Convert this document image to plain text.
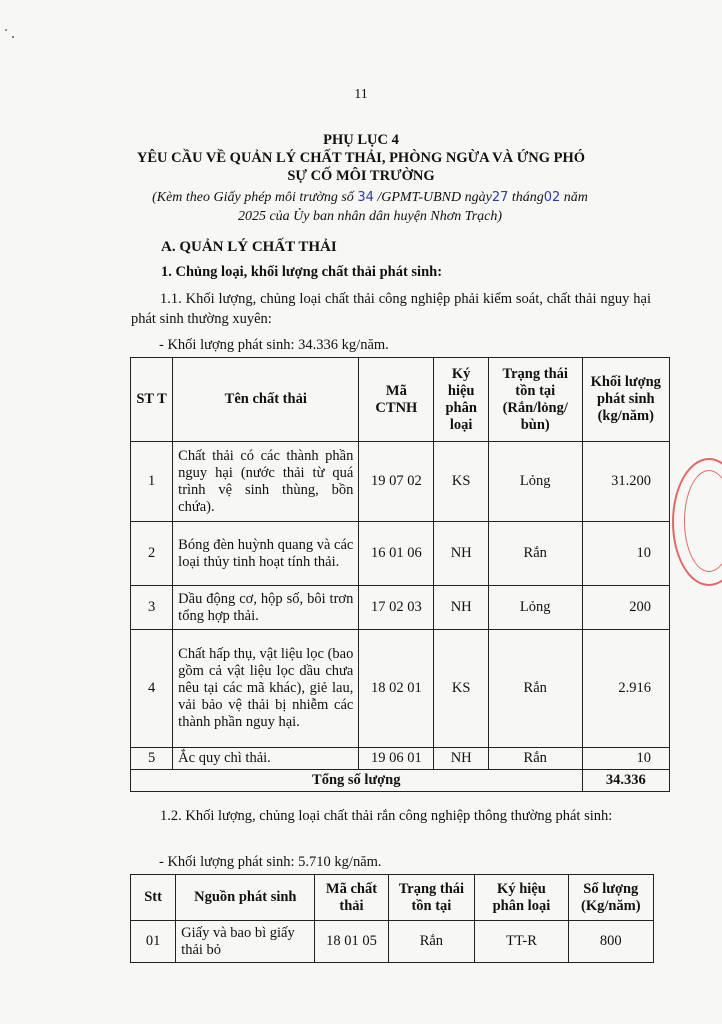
11
PHỤ LỤC 4
YÊU CẦU VỀ QUẢN LÝ CHẤT THẢI, PHÒNG NGỪA VÀ ỨNG PHÓ
SỰ CỐ MÔI TRƯỜNG
(Kèm theo Giấy phép môi trường số 34 /GPMT-UBND ngày27 tháng02 năm
2025 của Ủy ban nhân dân huyện Nhơn Trạch)
A. QUẢN LÝ CHẤT THẢI
1. Chủng loại, khối lượng chất thải phát sinh:
1.1. Khối lượng, chủng loại chất thải công nghiệp phải kiểm soát, chất thải nguy hại phát sinh thường xuyên:
- Khối lượng phát sinh: 34.336 kg/năm.
ST T	Tên chất thải	Mã CTNH	Ký hiệu phân loại	Trạng thái tồn tại (Rắn/lỏng/ bùn)	Khối lượng phát sinh (kg/năm)
1	Chất thải có các thành phần nguy hại (nước thải từ quá trình vệ sinh thùng, bồn chứa).	19 07 02	KS	Lỏng	31.200
2	Bóng đèn huỳnh quang và các loại thủy tinh hoạt tính thải.	16 01 06	NH	Rắn	10
3	Dầu động cơ, hộp số, bôi trơn tổng hợp thải.	17 02 03	NH	Lỏng	200
4	Chất hấp thụ, vật liệu lọc (bao gồm cả vật liệu lọc dầu chưa nêu tại các mã khác), giẻ lau, vải bảo vệ thải bị nhiễm các thành phần nguy hại.	18 02 01	KS	Rắn	2.916
5	Ắc quy chì thải.	19 06 01	NH	Rắn	10
Tổng số lượng					34.336
1.2. Khối lượng, chủng loại chất thải rắn công nghiệp thông thường phát sinh:
- Khối lượng phát sinh: 5.710 kg/năm.
Stt	Nguồn phát sinh	Mã chất thải	Trạng thái tồn tại	Ký hiệu phân loại	Số lượng (Kg/năm)
01	Giấy và bao bì giấy thải bỏ	18 01 05	Rắn	TT-R	800
